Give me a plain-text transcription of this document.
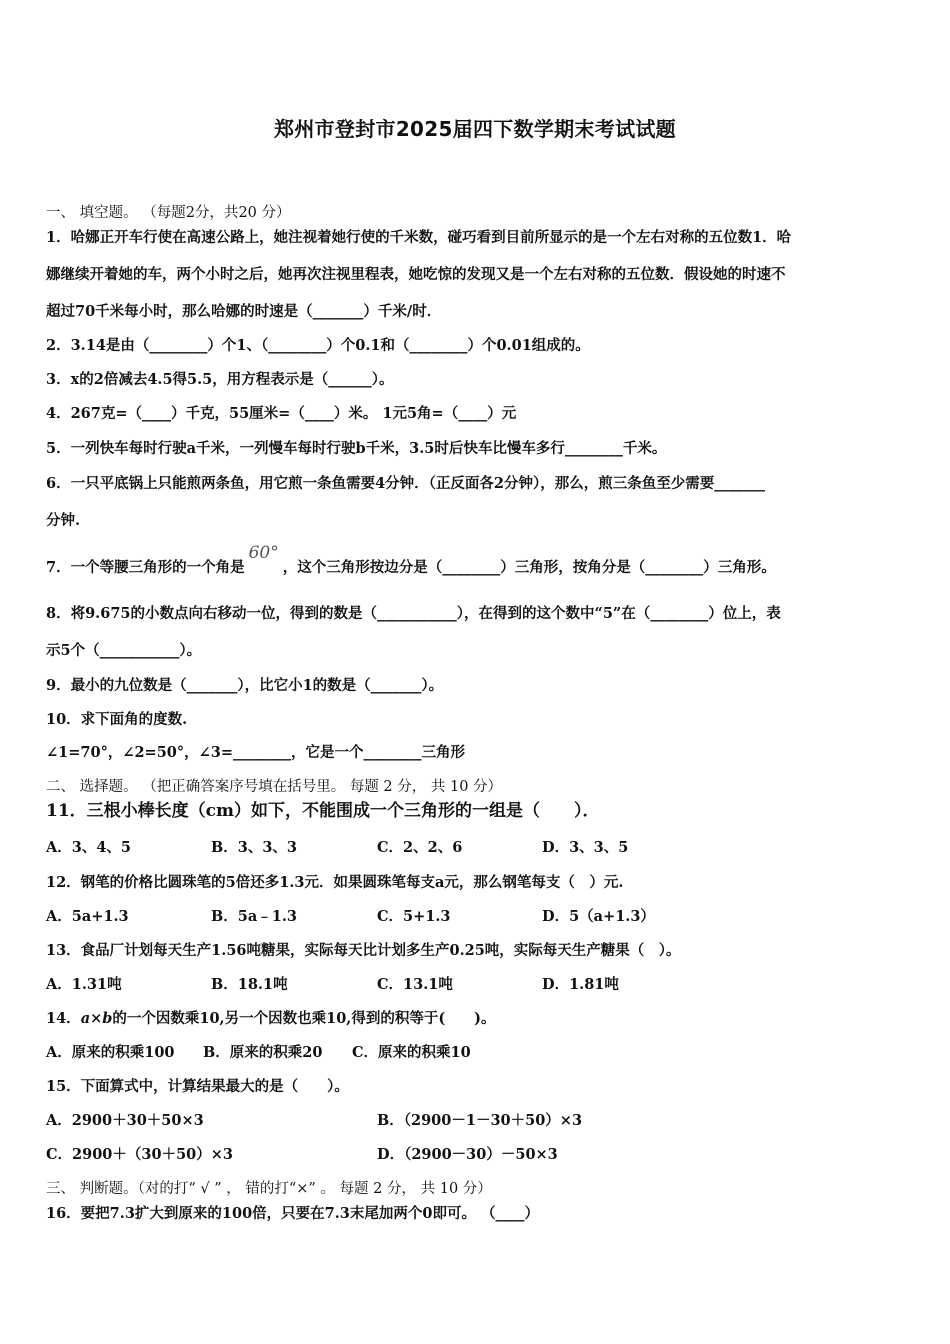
郑州市登封市2025届四下数学期末考试试题
一、 填空题。 （每题2分，共20 分）
1．哈娜正开车行使在高速公路上，她注视着她行使的千米数，碰巧看到目前所显示的是一个左右对称的五位数1．哈
娜继续开着她的车，两个小时之后，她再次注视里程表，她吃惊的发现又是一个左右对称的五位数．假设她的时速不
超过70千米每小时，那么哈娜的时速是（_______）千米/时．
2．3.14是由（________）个1、（________）个0.1和（________）个0.01组成的。
3．x的2倍减去4.5得5.5，用方程表示是（______）。
4．267克=（____）千克，55厘米=（____）米。 1元5角=（____）元
5．一列快车每时行驶a千米，一列慢车每时行驶b千米，3.5时后快车比慢车多行________千米。
6．一只平底锅上只能煎两条鱼，用它煎一条鱼需要4分钟．（正反面各2分钟），那么，煎三条鱼至少需要_______
分钟.
7．一个等腰三角形的一个角是60°，这个三角形按边分是（________）三角形，按角分是（________）三角形。
8．将9.675的小数点向右移动一位，得到的数是（___________），在得到的这个数中“5”在（________）位上，表
示5个（___________）。
9．最小的九位数是（_______），比它小1的数是（_______）。
10．求下面角的度数.
∠1=70°，∠2=50°，∠3=________，它是一个________三角形
二、 选择题。 （把正确答案序号填在括号里。 每题 2 分， 共 10 分）
11．三根小棒长度（cm）如下，不能围成一个三角形的一组是（　　）．
A．3、4、5	B．3、3、3	C．2、2、6	D．3、3、5
12．钢笔的价格比圆珠笔的5倍还多1.3元．如果圆珠笔每支a元，那么钢笔每支（　）元.
A．5a+1.3	B．5a﹣1.3	C．5+1.3	D．5（a+1.3）
13．食品厂计划每天生产1.56吨糖果，实际每天比计划多生产0.25吨，实际每天生产糖果（　）。
A．1.31吨	B．18.1吨	C．13.1吨	D．1.81吨
14．a×b的一个因数乘10,另一个因数也乘10,得到的积等于(　　)。
A．原来的积乘100 B．原来的积乘20 C．原来的积乘10
15．下面算式中，计算结果最大的是（　　）。
A．2900＋30＋50×3	B．（2900－1－30＋50）×3
C．2900＋（30＋50）×3	D．（2900－30）－50×3
三、 判断题。（对的打“ √ ” ， 错的打“×” 。 每题 2 分， 共 10 分）
16．要把7.3扩大到原来的100倍，只要在7.3末尾加两个0即可。 （____）
